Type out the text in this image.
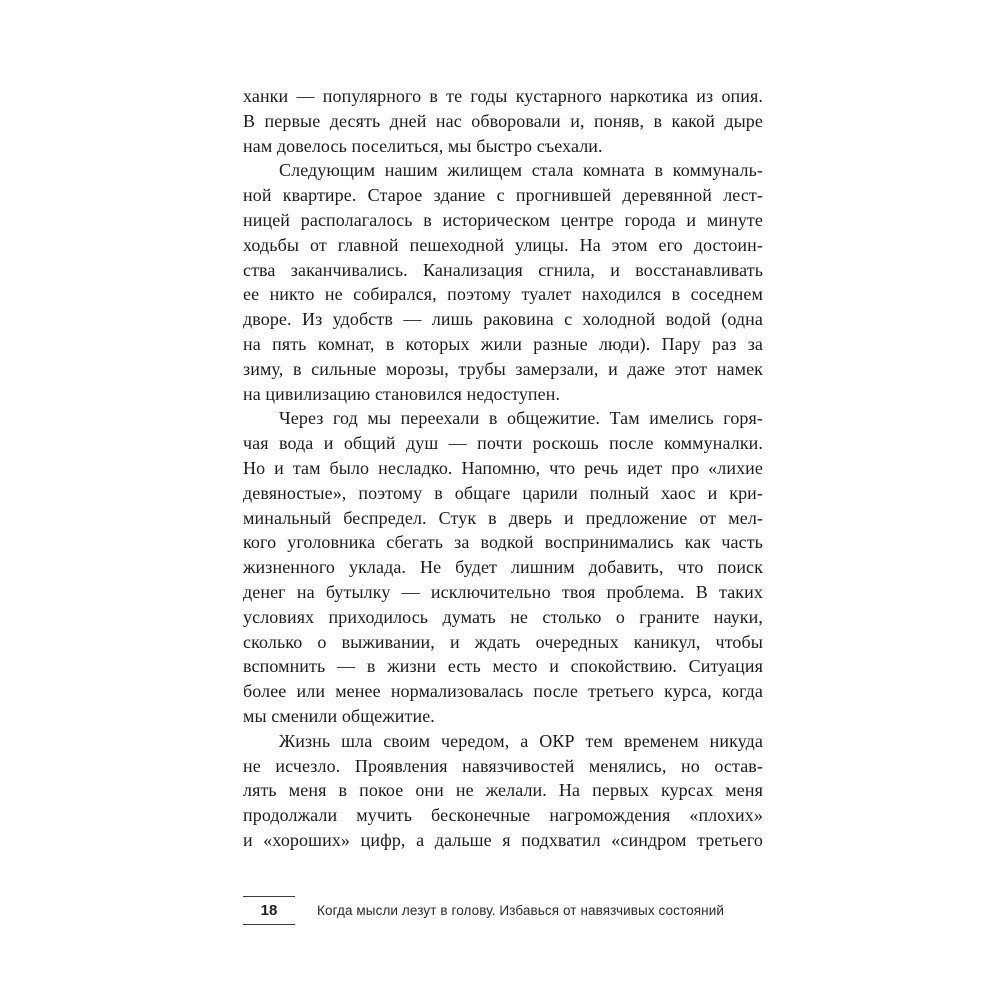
ханки — популярного в те годы кустарного наркотика из опия.
В первые десять дней нас обворовали и, поняв, в какой дыре
нам довелось поселиться, мы быстро съехали.
Следующим нашим жилищем стала комната в коммуналь-
ной квартире. Старое здание с прогнившей деревянной лест-
ницей располагалось в историческом центре города и минуте
ходьбы от главной пешеходной улицы. На этом его достоин-
ства заканчивались. Канализация сгнила, и восстанавливать
ее никто не собирался, поэтому туалет находился в соседнем
дворе. Из удобств — лишь раковина с холодной водой (одна
на пять комнат, в которых жили разные люди). Пару раз за
зиму, в сильные морозы, трубы замерзали, и даже этот намек
на цивилизацию становился недоступен.
Через год мы переехали в общежитие. Там имелись горя-
чая вода и общий душ — почти роскошь после коммуналки.
Но и там было несладко. Напомню, что речь идет про «лихие
девяностые», поэтому в общаге царили полный хаос и кри-
минальный беспредел. Стук в дверь и предложение от мел-
кого уголовника сбегать за водкой воспринимались как часть
жизненного уклада. Не будет лишним добавить, что поиск
денег на бутылку — исключительно твоя проблема. В таких
условиях приходилось думать не столько о граните науки,
сколько о выживании, и ждать очередных каникул, чтобы
вспомнить — в жизни есть место и спокойствию. Ситуация
более или менее нормализовалась после третьего курса, когда
мы сменили общежитие.
Жизнь шла своим чередом, а ОКР тем временем никуда
не исчезло. Проявления навязчивостей менялись, но остав-
лять меня в покое они не желали. На первых курсах меня
продолжали мучить бесконечные нагромождения «плохих»
и «хороших» цифр, а дальше я подхватил «синдром третьего
18	Когда мысли лезут в голову. Избавься от навязчивых состояний
